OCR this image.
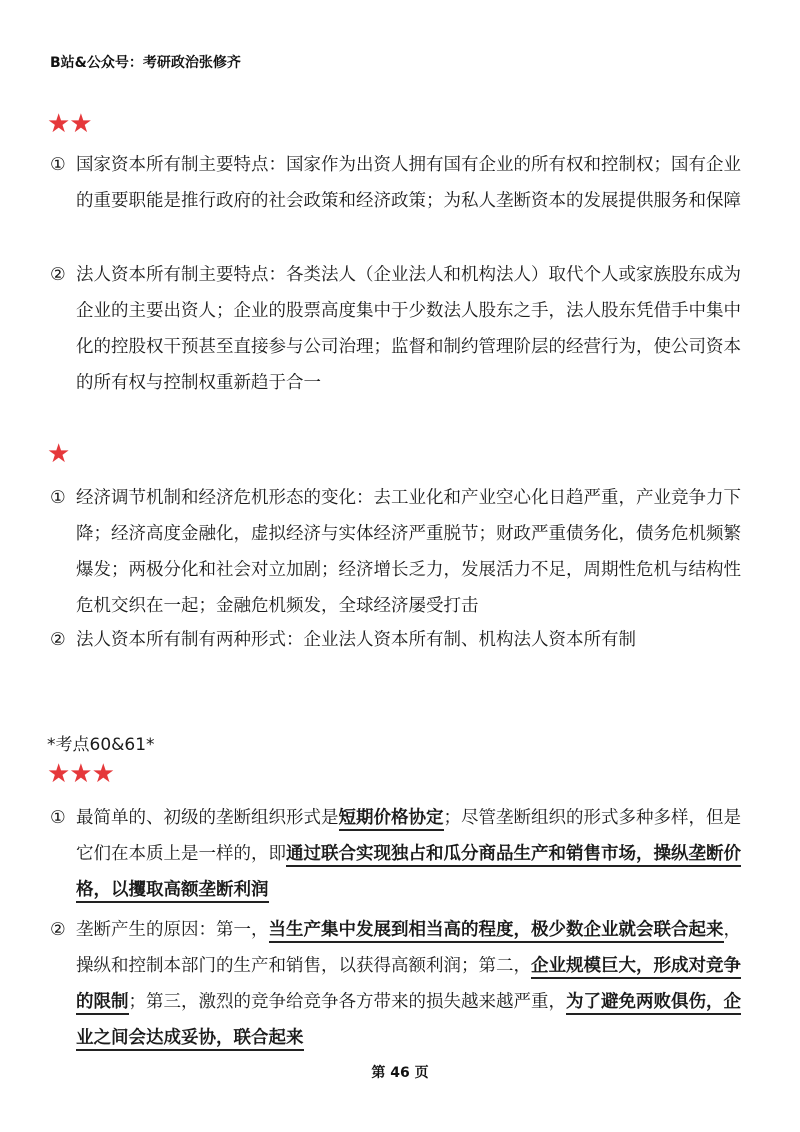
B站&公众号：考研政治张修齐
★★
① 国家资本所有制主要特点：国家作为出资人拥有国有企业的所有权和控制权；国有企业的重要职能是推行政府的社会政策和经济政策；为私人垄断资本的发展提供服务和保障
② 法人资本所有制主要特点：各类法人（企业法人和机构法人）取代个人或家族股东成为企业的主要出资人；企业的股票高度集中于少数法人股东之手，法人股东凭借手中集中化的控股权干预甚至直接参与公司治理；监督和制约管理阶层的经营行为，使公司资本的所有权与控制权重新趋于合一
★
① 经济调节机制和经济危机形态的变化：去工业化和产业空心化日趋严重，产业竞争力下降；经济高度金融化，虚拟经济与实体经济严重脱节；财政严重债务化，债务危机频繁爆发；两极分化和社会对立加剧；经济增长乏力，发展活力不足，周期性危机与结构性危机交织在一起；金融危机频发，全球经济屡受打击
② 法人资本所有制有两种形式：企业法人资本所有制、机构法人资本所有制
*考点60&61*
★★★
① 最简单的、初级的垄断组织形式是短期价格协定；尽管垄断组织的形式多种多样，但是它们在本质上是一样的，即通过联合实现独占和瓜分商品生产和销售市场，操纵垄断价格，以攫取高额垄断利润
② 垄断产生的原因：第一，当生产集中发展到相当高的程度，极少数企业就会联合起来，操纵和控制本部门的生产和销售，以获得高额利润；第二，企业规模巨大，形成对竞争的限制；第三，激烈的竞争给竞争各方带来的损失越来越严重，为了避免两败俱伤，企业之间会达成妥协，联合起来
第 46 页
